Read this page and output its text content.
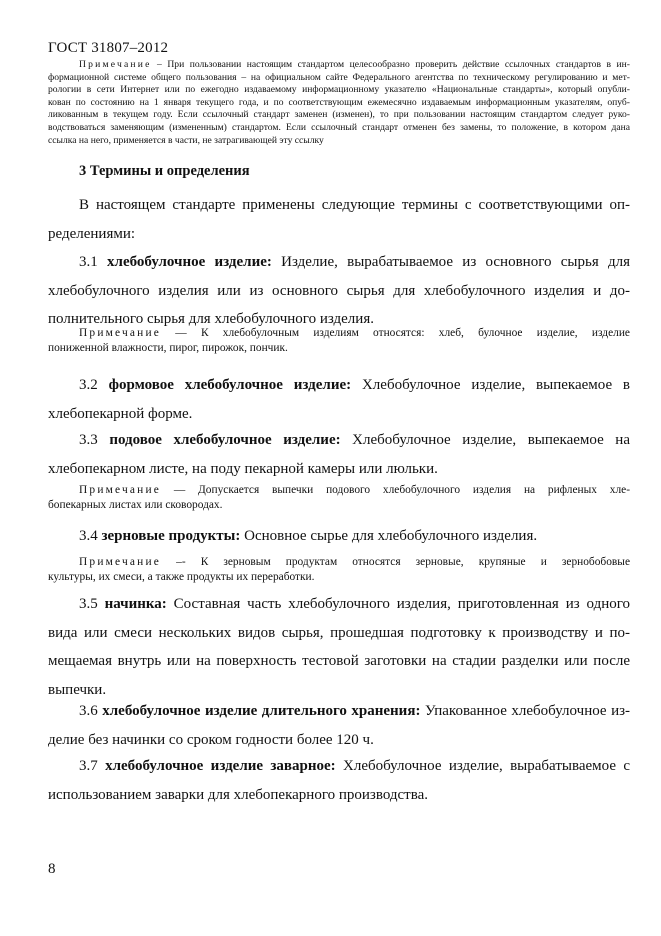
ГОСТ 31807–2012
Примечание – При пользовании настоящим стандартом целесообразно проверить действие ссылочных стандартов в ин-
формационной системе общего пользования – на официальном сайте Федерального агентства по техническому регулированию и мет-
рологии в сети Интернет или по ежегодно издаваемому информационному указателю «Национальные стандарты», который опубли-
кован по состоянию на 1 января текущего года, и по соответствующим ежемесячно издаваемым информационным указателям, опуб-
ликованным в текущем году. Если ссылочный стандарт заменен (изменен), то при пользовании настоящим стандартом следует руко-
водствоваться заменяющим (измененным) стандартом. Если ссылочный стандарт отменен без замены, то положение, в котором дана
ссылка на него, применяется в части, не затрагивающей эту ссылку
3 Термины и определения
В настоящем стандарте применены следующие термины с соответствующими оп-
ределениями:
3.1 хлебобулочное изделие: Изделие, вырабатываемое из основного сырья для
хлебобулочного изделия или из основного сырья для хлебобулочного изделия и до-
полнительного сырья для хлебобулочного изделия.
Примечание — К хлебобулочным изделиям относятся: хлеб, булочное изделие, изделие
пониженной влажности, пирог, пирожок, пончик.
3.2 формовое хлебобулочное изделие: Хлебобулочное изделие, выпекаемое в
хлебопекарной форме.
3.3 подовое хлебобулочное изделие: Хлебобулочное изделие, выпекаемое на
хлебопекарном листе, на поду пекарной камеры или люльки.
Примечание — Допускается выпечки подового хлебобулочного изделия на рифленых хле-
бопекарных листах или сковородах.
3.4 зерновые продукты: Основное сырье для хлебобулочного изделия.
Примечание –- К зерновым продуктам относятся зерновые, крупяные и зернобобовые
культуры, их смеси, а также продукты их переработки.
3.5 начинка: Составная часть хлебобулочного изделия, приготовленная из одного
вида или смеси нескольких видов сырья, прошедшая подготовку к производству и по-
мещаемая внутрь или на поверхность тестовой заготовки на стадии разделки или после
выпечки.
3.6 хлебобулочное изделие длительного хранения: Упакованное хлебобулочное из-
делие без начинки со сроком годности более 120 ч.
3.7 хлебобулочное изделие заварное: Хлебобулочное изделие, вырабатываемое с
использованием заварки для хлебопекарного производства.
8
